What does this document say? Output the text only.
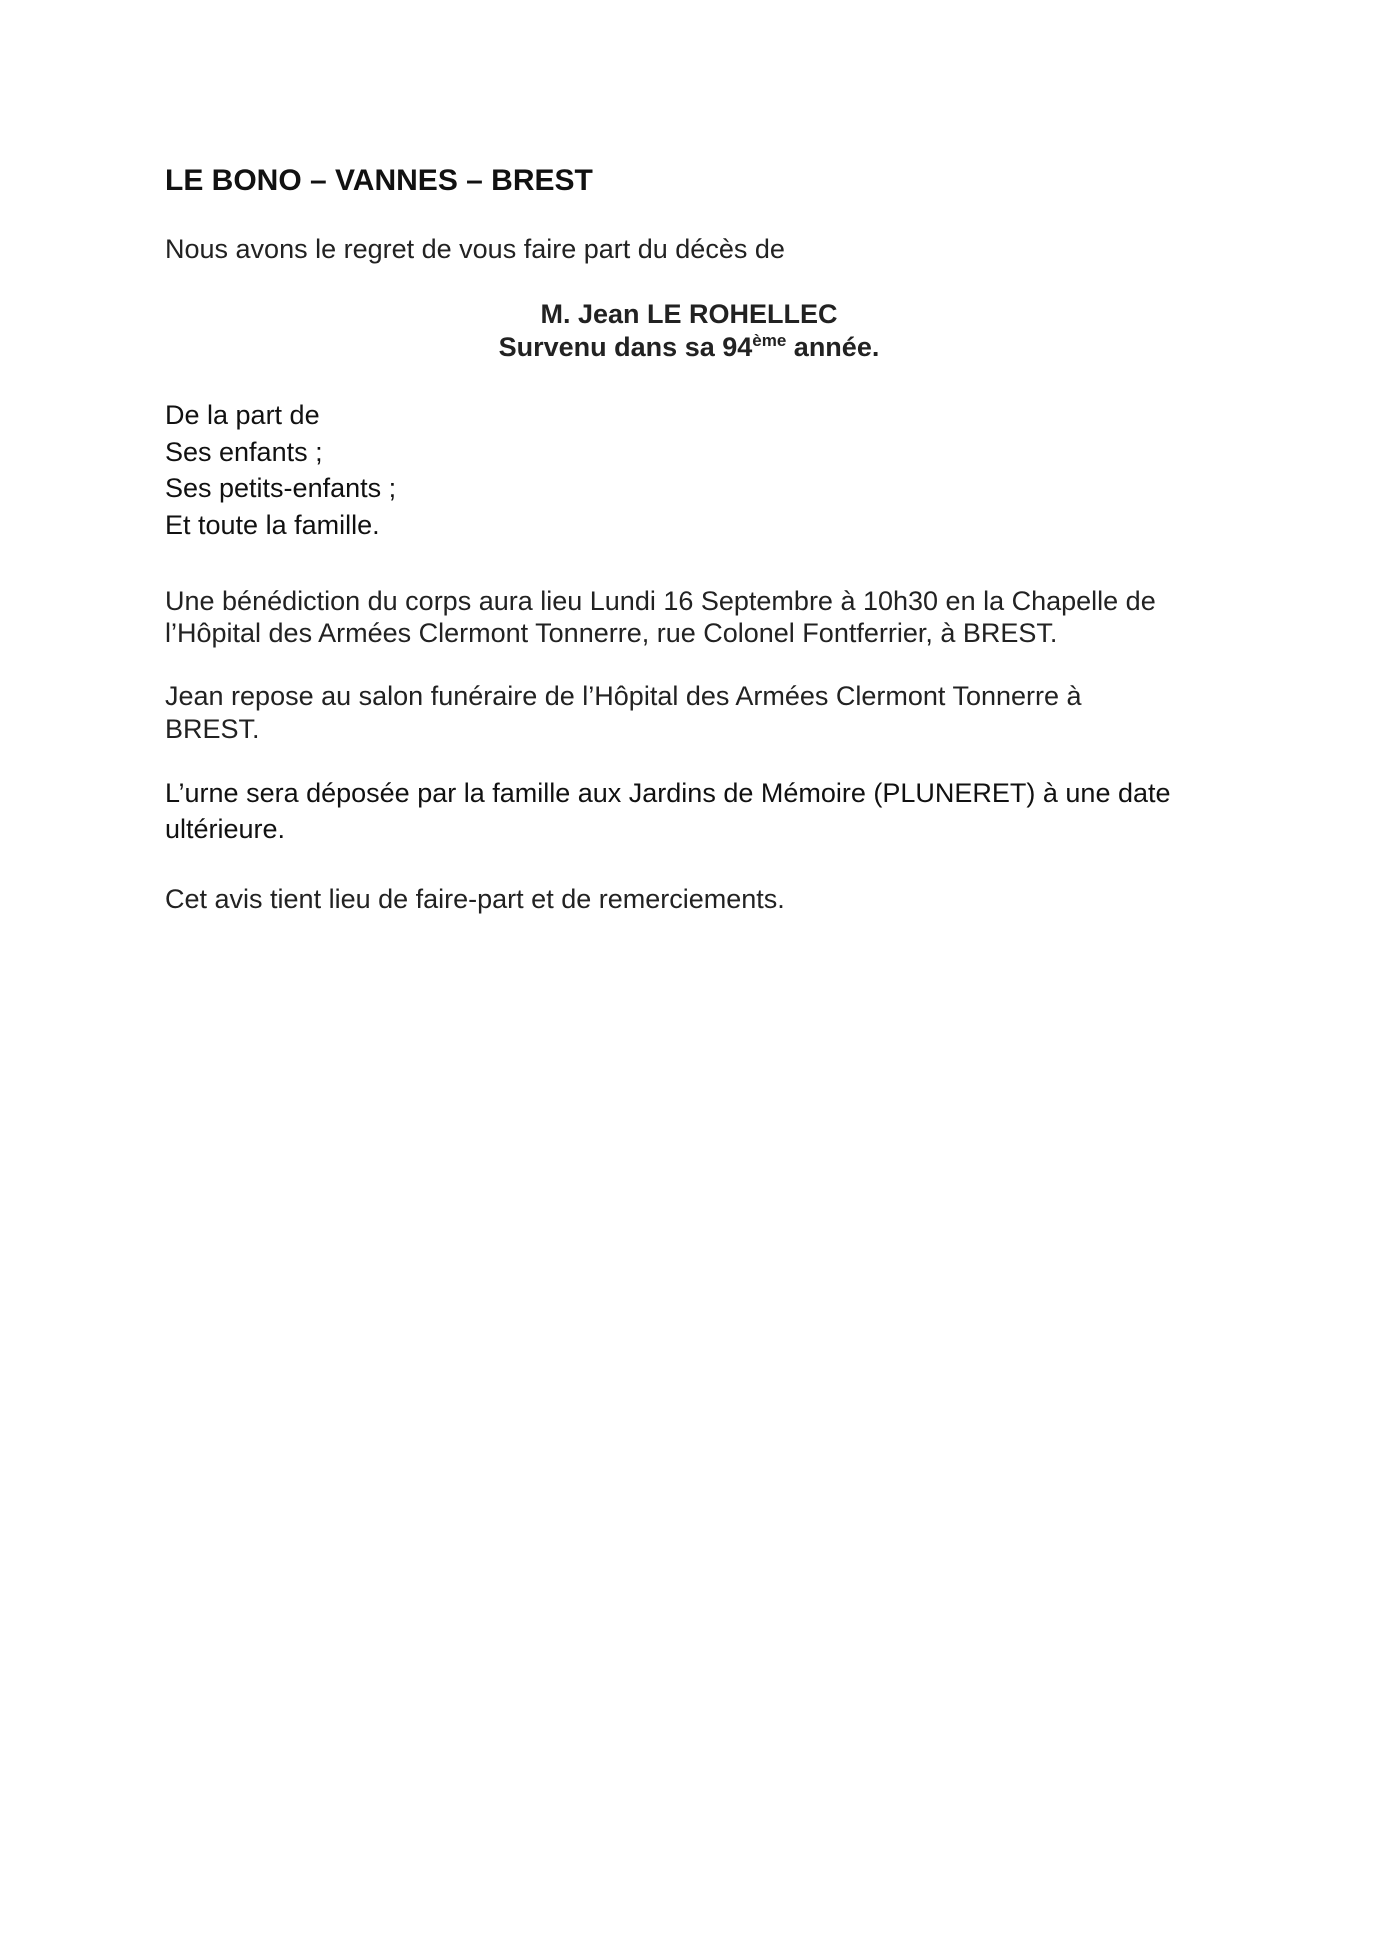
LE BONO – VANNES – BREST
Nous avons le regret de vous faire part du décès de
M. Jean LE ROHELLEC
Survenu dans sa 94ème année.
De la part de
Ses enfants ;
Ses petits-enfants ;
Et toute la famille.
Une bénédiction du corps aura lieu Lundi 16 Septembre à 10h30 en la Chapelle de
l’Hôpital des Armées Clermont Tonnerre, rue Colonel Fontferrier, à BREST.
Jean repose au salon funéraire de l’Hôpital des Armées Clermont Tonnerre à
BREST.
L’urne sera déposée par la famille aux Jardins de Mémoire (PLUNERET) à une date
ultérieure.
Cet avis tient lieu de faire-part et de remerciements.
